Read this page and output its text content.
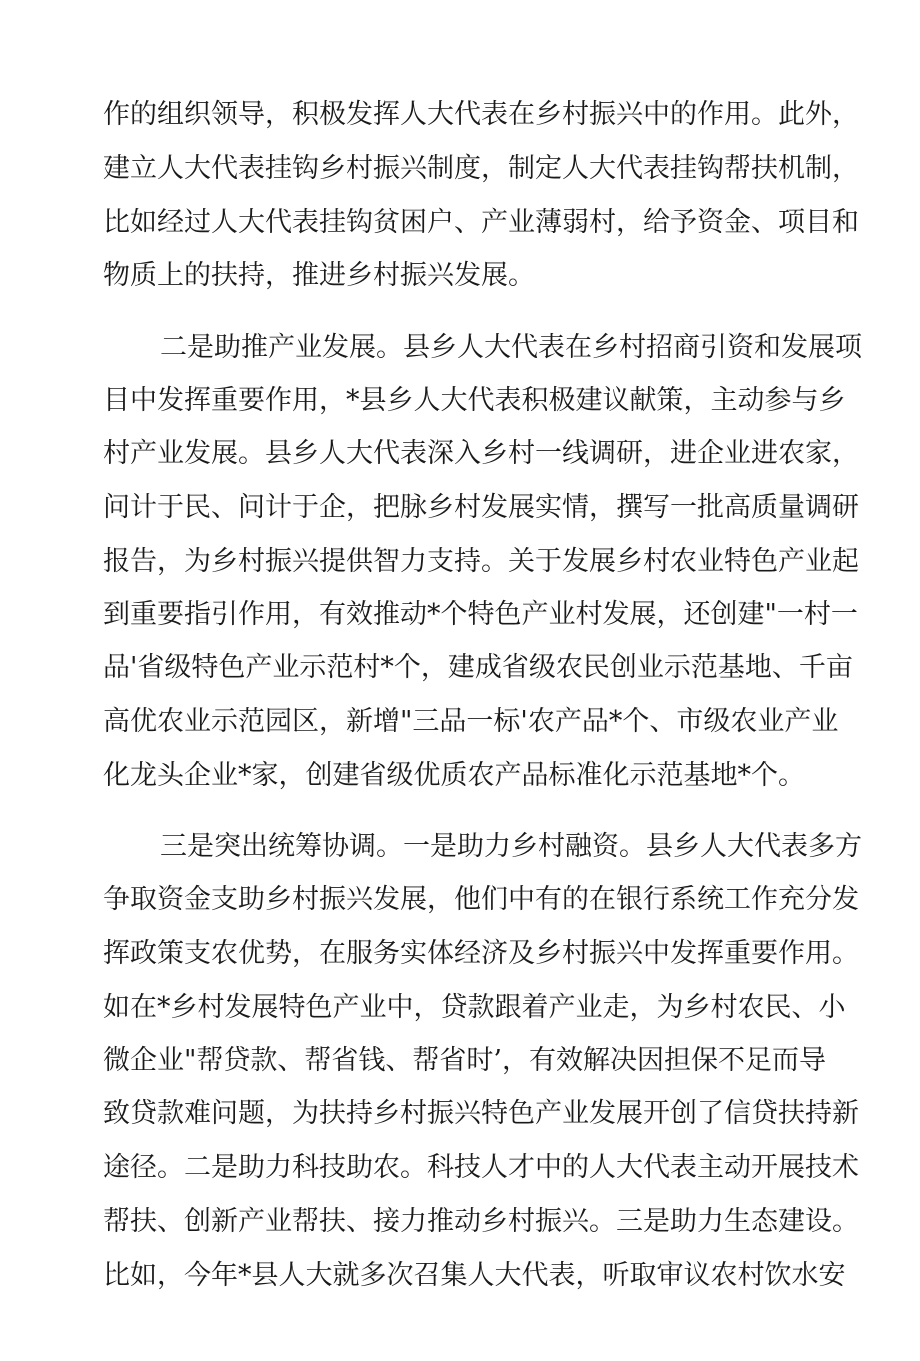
作的组织领导，积极发挥人大代表在乡村振兴中的作用。此外，
建立人大代表挂钩乡村振兴制度，制定人大代表挂钩帮扶机制，
比如经过人大代表挂钩贫困户、产业薄弱村，给予资金、项目和
物质上的扶持，推进乡村振兴发展。
二是助推产业发展。县乡人大代表在乡村招商引资和发展项
目中发挥重要作用，*县乡人大代表积极建议献策，主动参与乡
村产业发展。县乡人大代表深入乡村一线调研，进企业进农家，
问计于民、问计于企，把脉乡村发展实情，撰写一批高质量调研
报告，为乡村振兴提供智力支持。关于发展乡村农业特色产业起
到重要指引作用，有效推动*个特色产业村发展，还创建"一村一
品'省级特色产业示范村*个，建成省级农民创业示范基地、千亩
高优农业示范园区，新增"三品一标'农产品*个、市级农业产业
化龙头企业*家，创建省级优质农产品标准化示范基地*个。
三是突出统筹协调。一是助力乡村融资。县乡人大代表多方
争取资金支助乡村振兴发展，他们中有的在银行系统工作充分发
挥政策支农优势，在服务实体经济及乡村振兴中发挥重要作用。
如在*乡村发展特色产业中，贷款跟着产业走，为乡村农民、小
微企业"帮贷款、帮省钱、帮省时’，有效解决因担保不足而导
致贷款难问题，为扶持乡村振兴特色产业发展开创了信贷扶持新
途径。二是助力科技助农。科技人才中的人大代表主动开展技术
帮扶、创新产业帮扶、接力推动乡村振兴。三是助力生态建设。
比如，今年*县人大就多次召集人大代表，听取审议农村饮水安
